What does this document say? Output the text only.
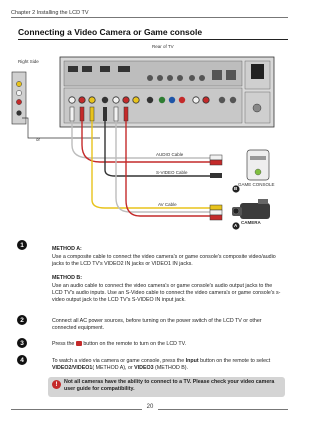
Chapter 2 Installing the LCD TV
Connecting a Video Camera or Game console
Rear of TV
Right Side
or
AUDIO Cable
S-VIDEO Cable
AV Cable
GAME CONSOLE
CAMERA
B
A
1
METHOD A:
Use a composite cable to connect the video camera's or game console's composite video/audio jacks to the LCD TV's VIDEO2 IN jacks or VIDEO1 IN jacks.
METHOD B:
Use an audio cable to connect the video camera's or game console's audio output jacks to the LCD TV's audio inputs. Use an S-Video cable to connect the video camera's or game console's s-video output jack to the LCD TV's S-VIDEO IN input jack.
2	Connect all AC power sources, before turning on the power switch of the LCD TV or other connected equipment.
3	Press the button on the remote to turn on the LCD TV.
4	To watch a video via camera or game console, press the Input button on the remote to select VIDEO2/VIDEO1( METHOD A), or VIDEO3 (METHOD B).
!	Not all cameras have the ability to connect to a TV. Please check your video camera user guide for compatibility.
20
